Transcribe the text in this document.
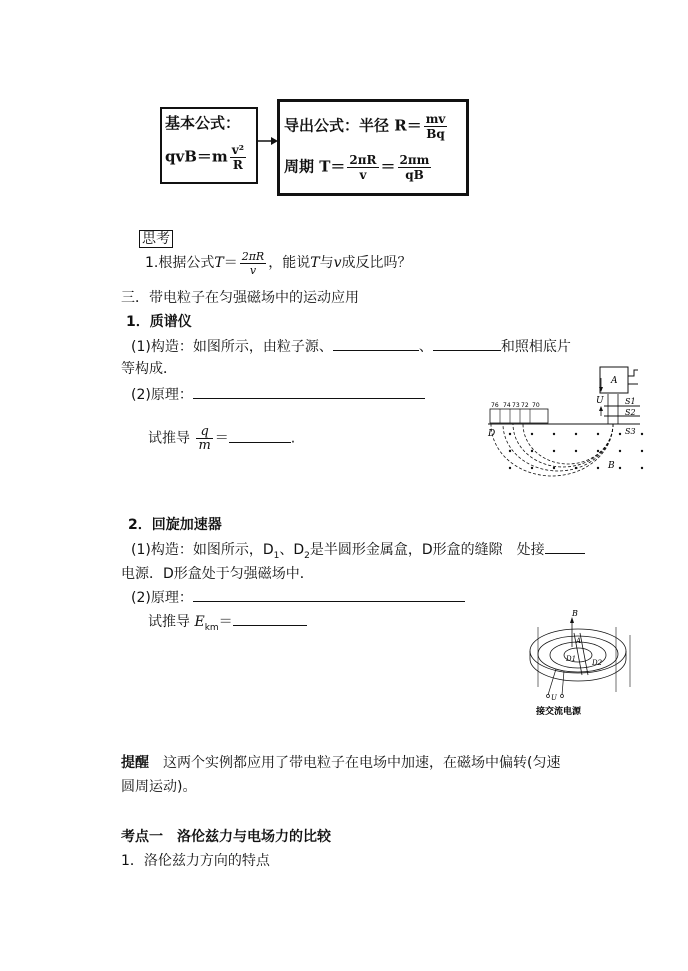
基本公式：
$qvB=m \frac{\text{v²}}{R}$
导出公式：半径 $R= \frac{mv}{Bq}$
周期 $T= \frac{2\pi R}{v} = \frac{2\pi m}{qB}$
思考
1.根据公式$T= \frac{2\pi R}{v}$ ，能说T与v成反比吗？
三．带电粒子在匀强磁场中的运动应用
1．质谱仪
(1)构造：如图所示，由粒子源、	、	和照相底片
等构成．
(2)原理：
试推导 $\frac{q}{m}$ ＝	.
A
U	S1
S2
S3
76 74 73 72 70
D
B
2．回旋加速器
(1)构造：如图所示，$D_1$、$D_2$是半圆形金属盒，D形盒的缝隙　处接
电源．D形盒处于匀强磁场中．
(2)原理：
试推导 $E_{km}=$
B
A
D1 D2
U
接交流电源
提醒　 这两个实例都应用了带电粒子在电场中加速，在磁场中偏转(匀速
圆周运动)。
考点一　洛伦兹力与电场力的比较
1．洛伦兹力方向的特点
